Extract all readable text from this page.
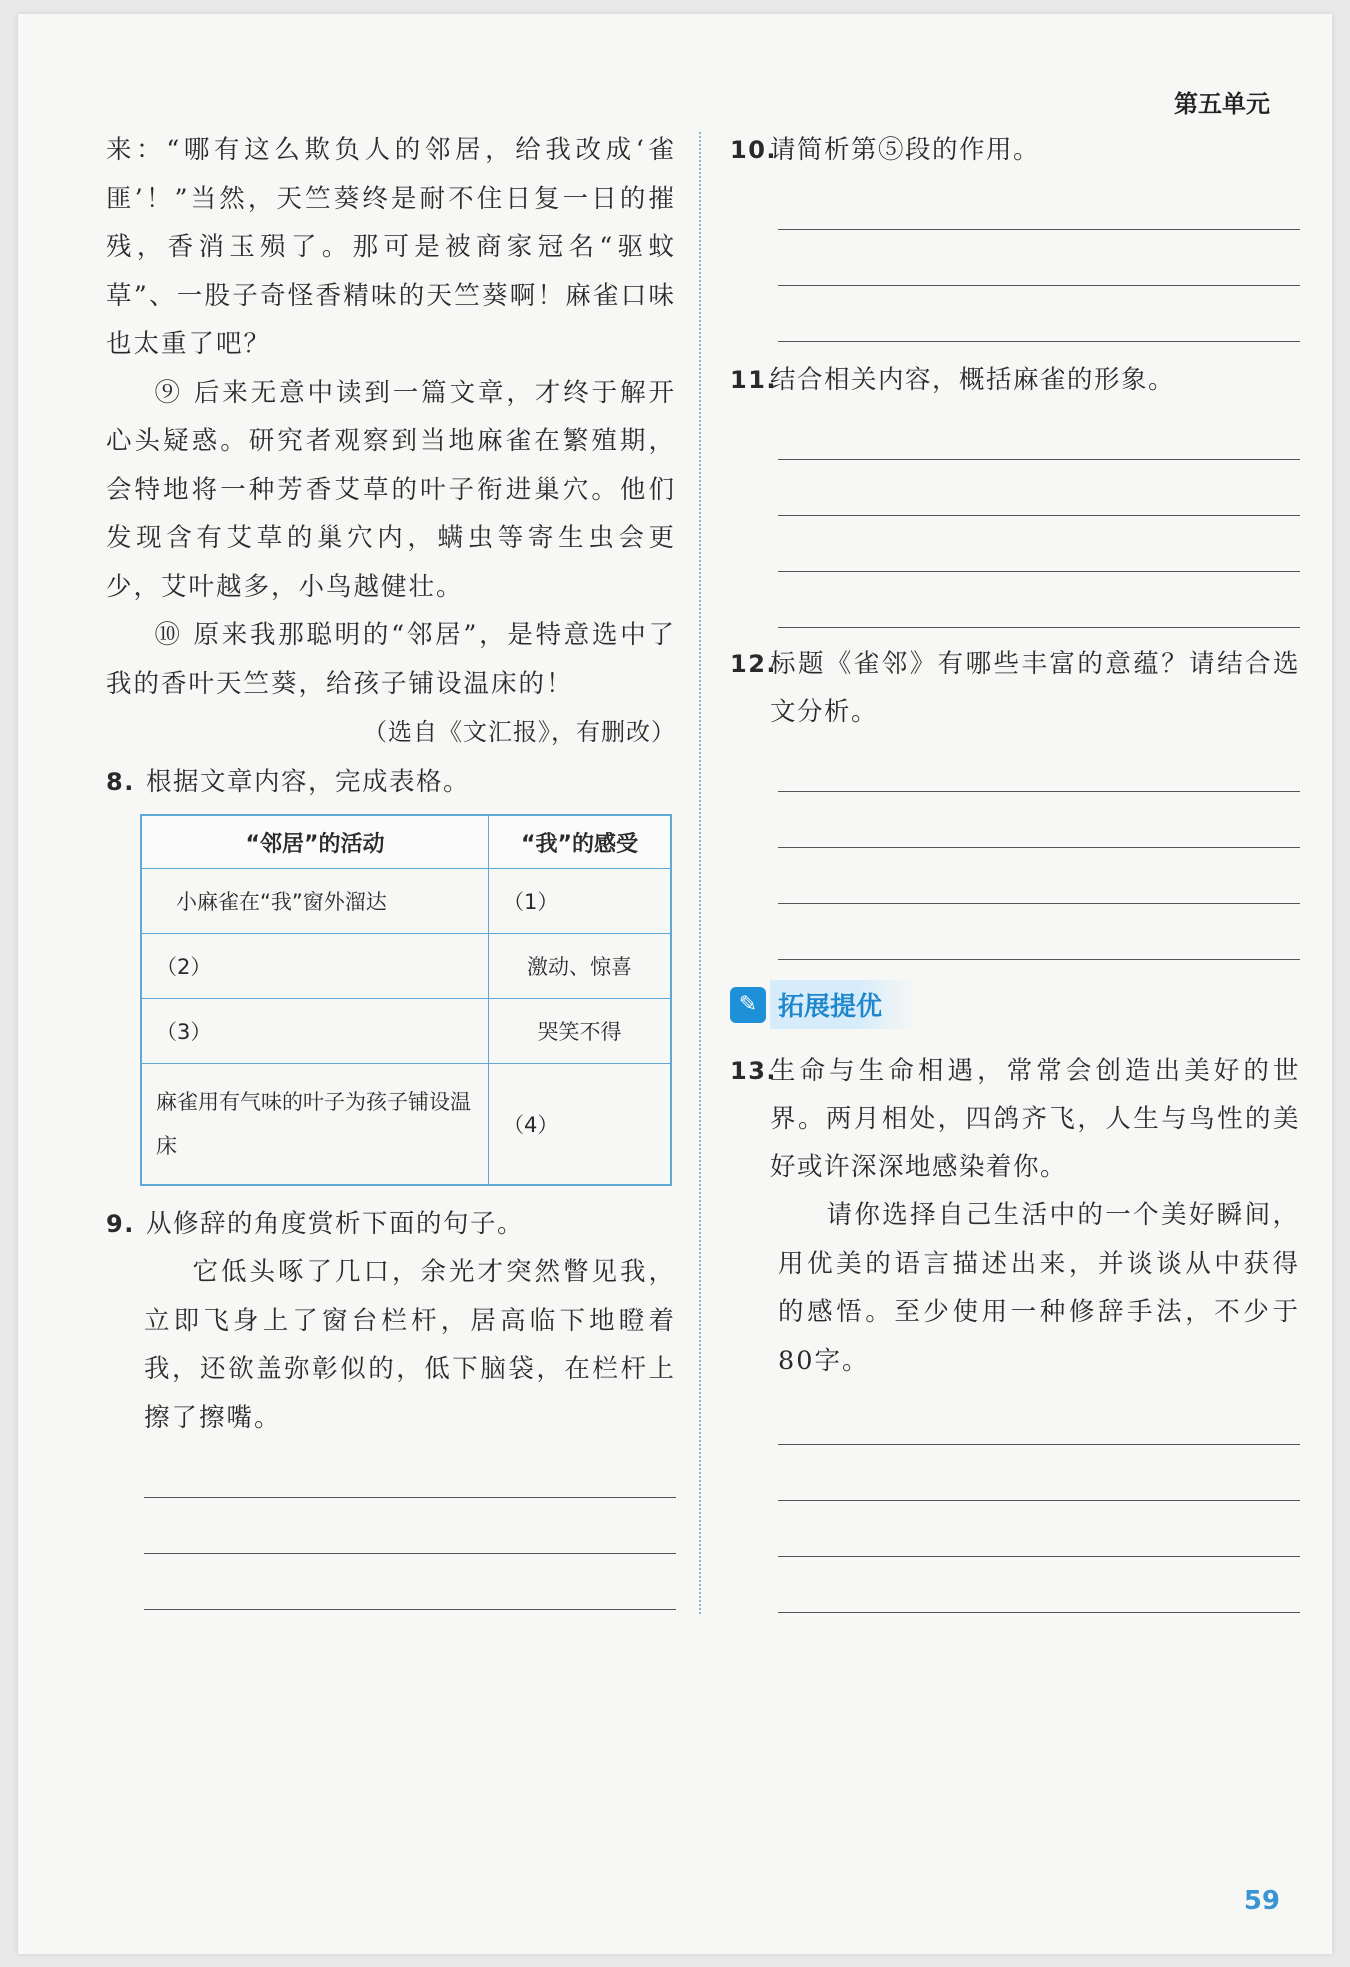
第五单元

来：“哪有这么欺负人的邻居，给我改成‘雀匪’！”当然，天竺葵终是耐不住日复一日的摧残，香消玉殒了。那可是被商家冠名“驱蚊草”、一股子奇怪香精味的天竺葵啊！麻雀口味也太重了吧？

⑨ 后来无意中读到一篇文章，才终于解开心头疑惑。研究者观察到当地麻雀在繁殖期，会特地将一种芳香艾草的叶子衔进巢穴。他们发现含有艾草的巢穴内，螨虫等寄生虫会更少，艾叶越多，小鸟越健壮。

⑩ 原来我那聪明的“邻居”，是特意选中了我的香叶天竺葵，给孩子铺设温床的！

（选自《文汇报》，有删改）

8. 根据文章内容，完成表格。
“邻居”的活动	“我”的感受
小麻雀在“我”窗外溜达	（1）
（2）	激动、惊喜
（3）	哭笑不得
麻雀用有气味的叶子为孩子铺设温床	（4）
9. 从修辞的角度赏析下面的句子。

它低头啄了几口，余光才突然瞥见我，立即飞身上了窗台栏杆，居高临下地瞪着我，还欲盖弥彰似的，低下脑袋，在栏杆上擦了擦嘴。

10.
请简析第⑤段的作用。
11.
结合相关内容，概括麻雀的形象。
12.
标题《雀邻》有哪些丰富的意蕴？请结合选文分析。
✎ 拓展提优
13.
生命与生命相遇，常常会创造出美好的世界。两月相处，四鸽齐飞，人生与鸟性的美好或许深深地感染着你。

请你选择自己生活中的一个美好瞬间，用优美的语言描述出来，并谈谈从中获得的感悟。至少使用一种修辞手法，不少于80字。

59
